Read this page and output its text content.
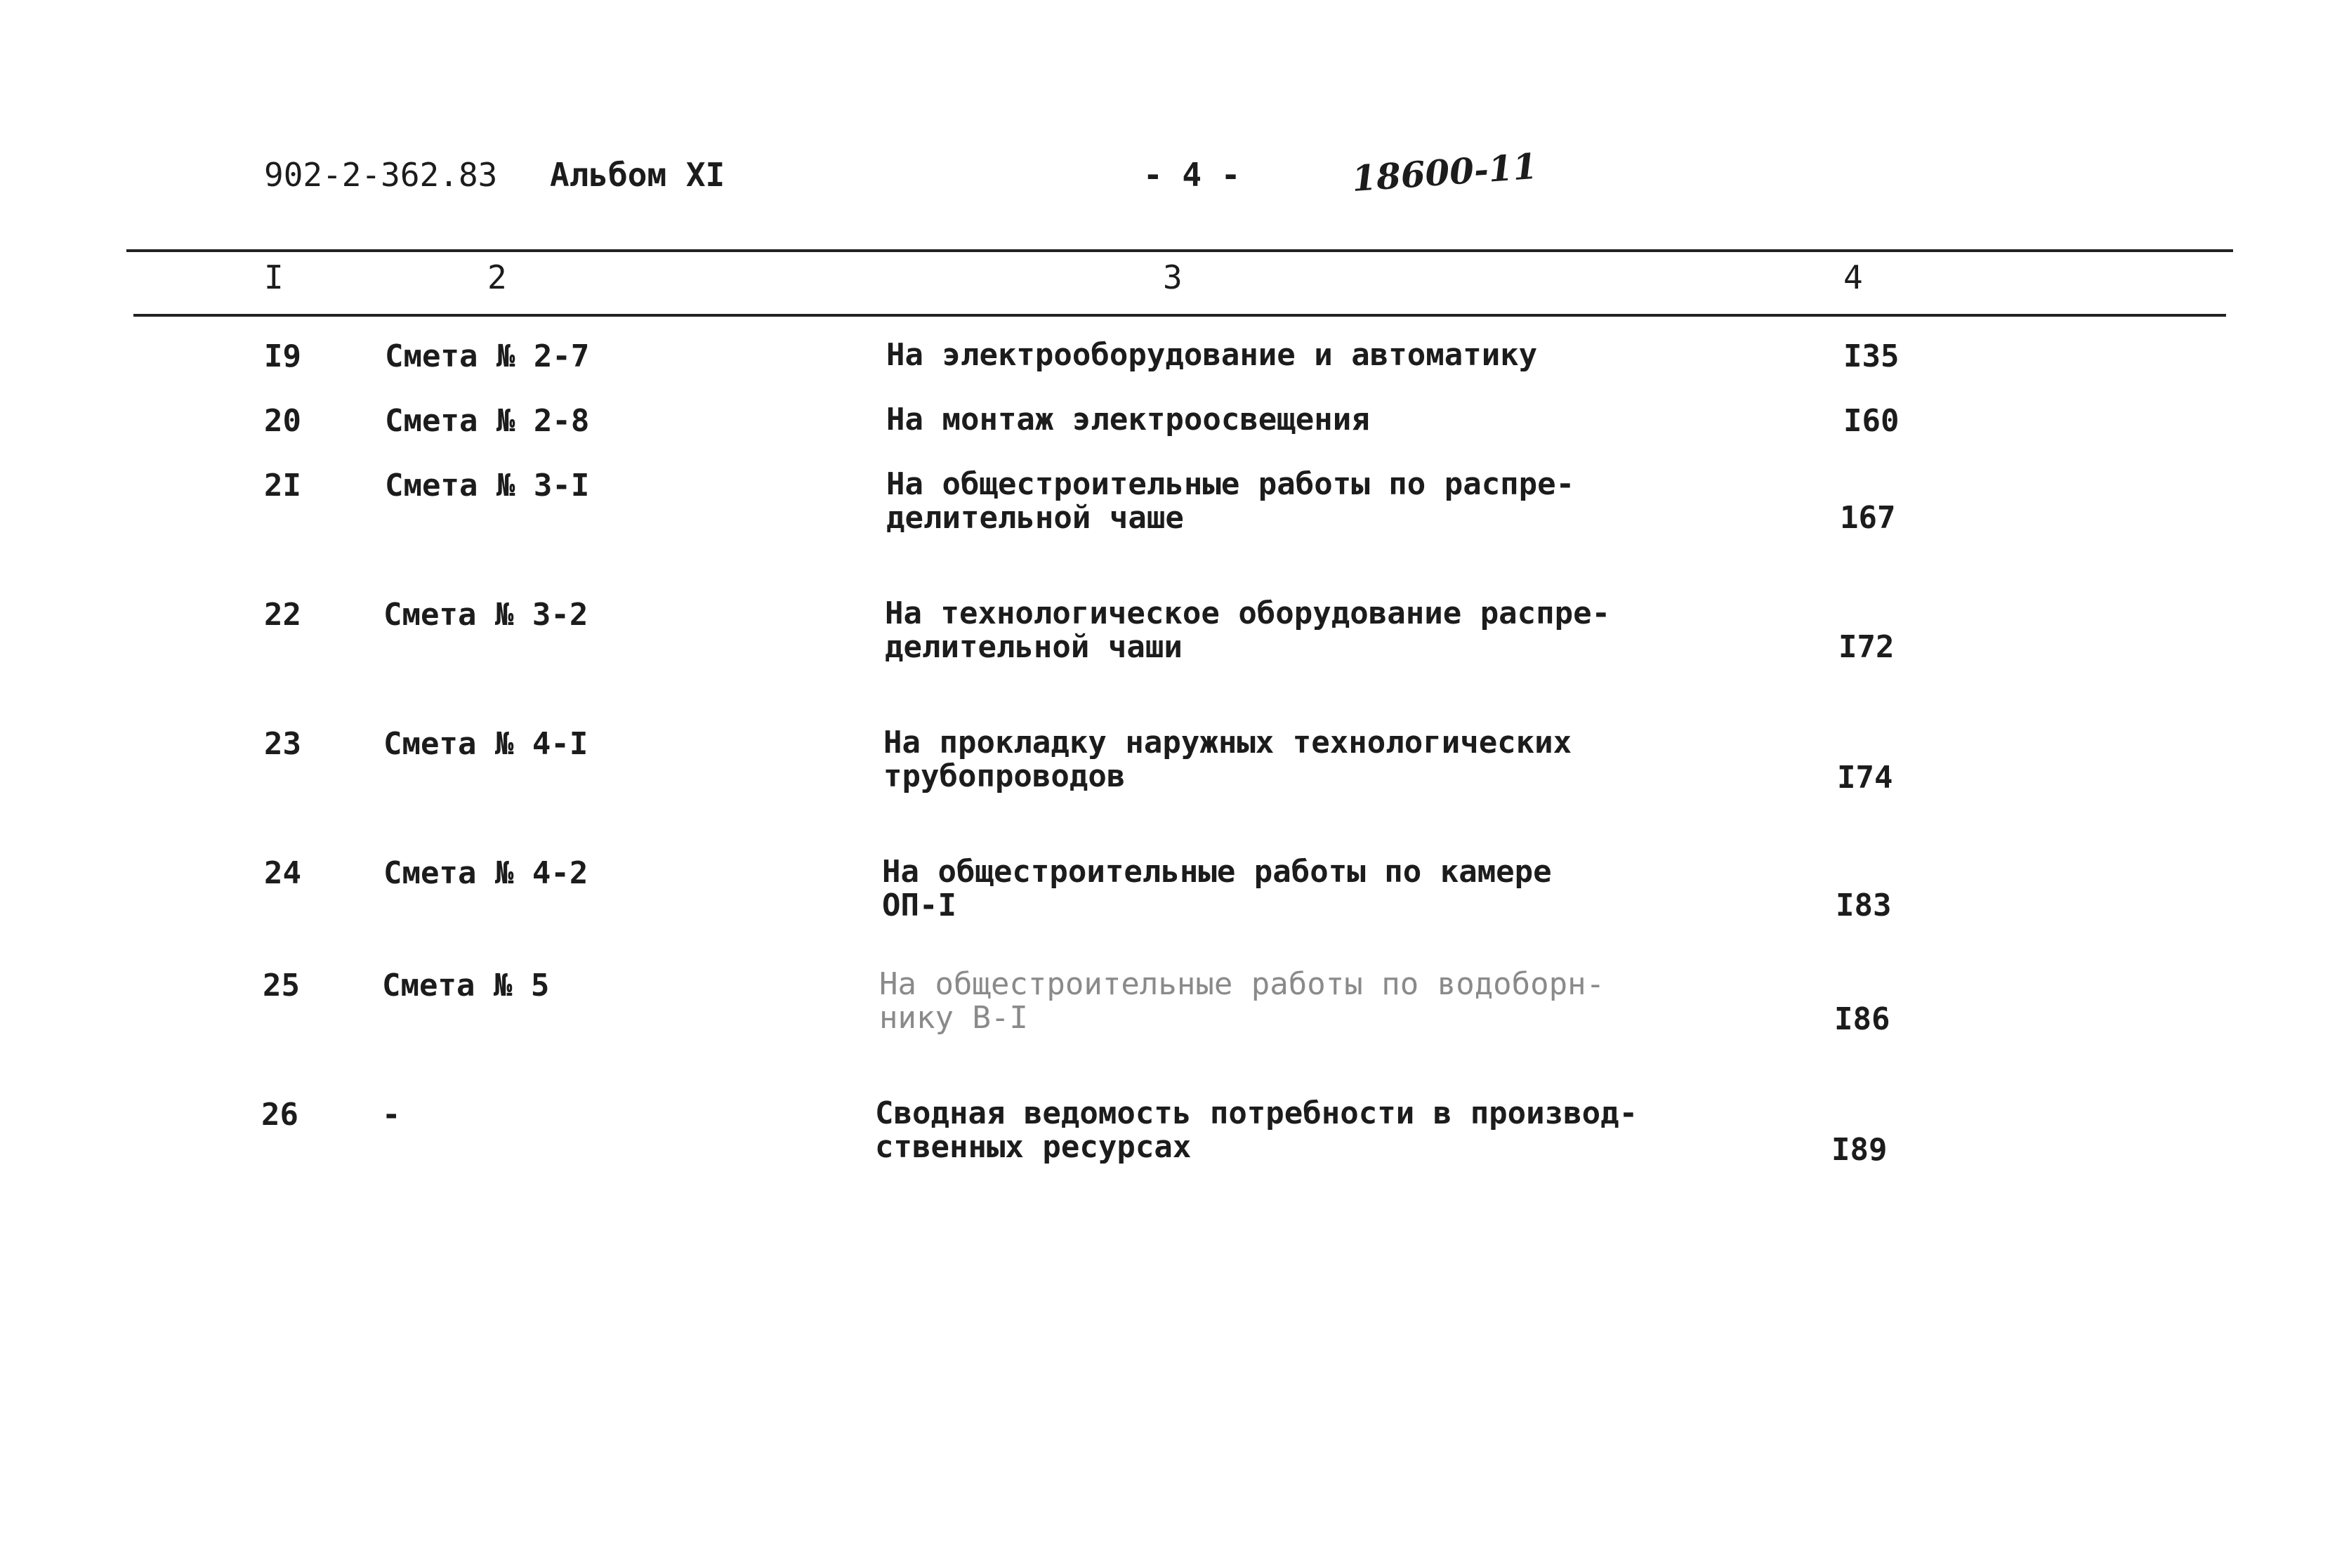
902-2-362.83 Альбом XI	- 4 -	18600-11
I	2	3	4
I9	Смета № 2-7	На электрооборудование и автоматику	I35
20	Смета № 2-8	На монтаж электроосвещения	I60
2I	Смета № 3-I	На общестроительные работы по распре-
делительной чаше	167
22	Смета № 3-2	На технологическое оборудование распре-
делительной чаши	I72
23	Смета № 4-I	На прокладку наружных технологических
трубопроводов	I74
24	Смета № 4-2	На общестроительные работы по камере
ОП-I	I83
25	Смета № 5	На общестроительные работы по водоборн-
нику В-I	I86
26	-	Сводная ведомость потребности в производ-
ственных ресурсах	I89
